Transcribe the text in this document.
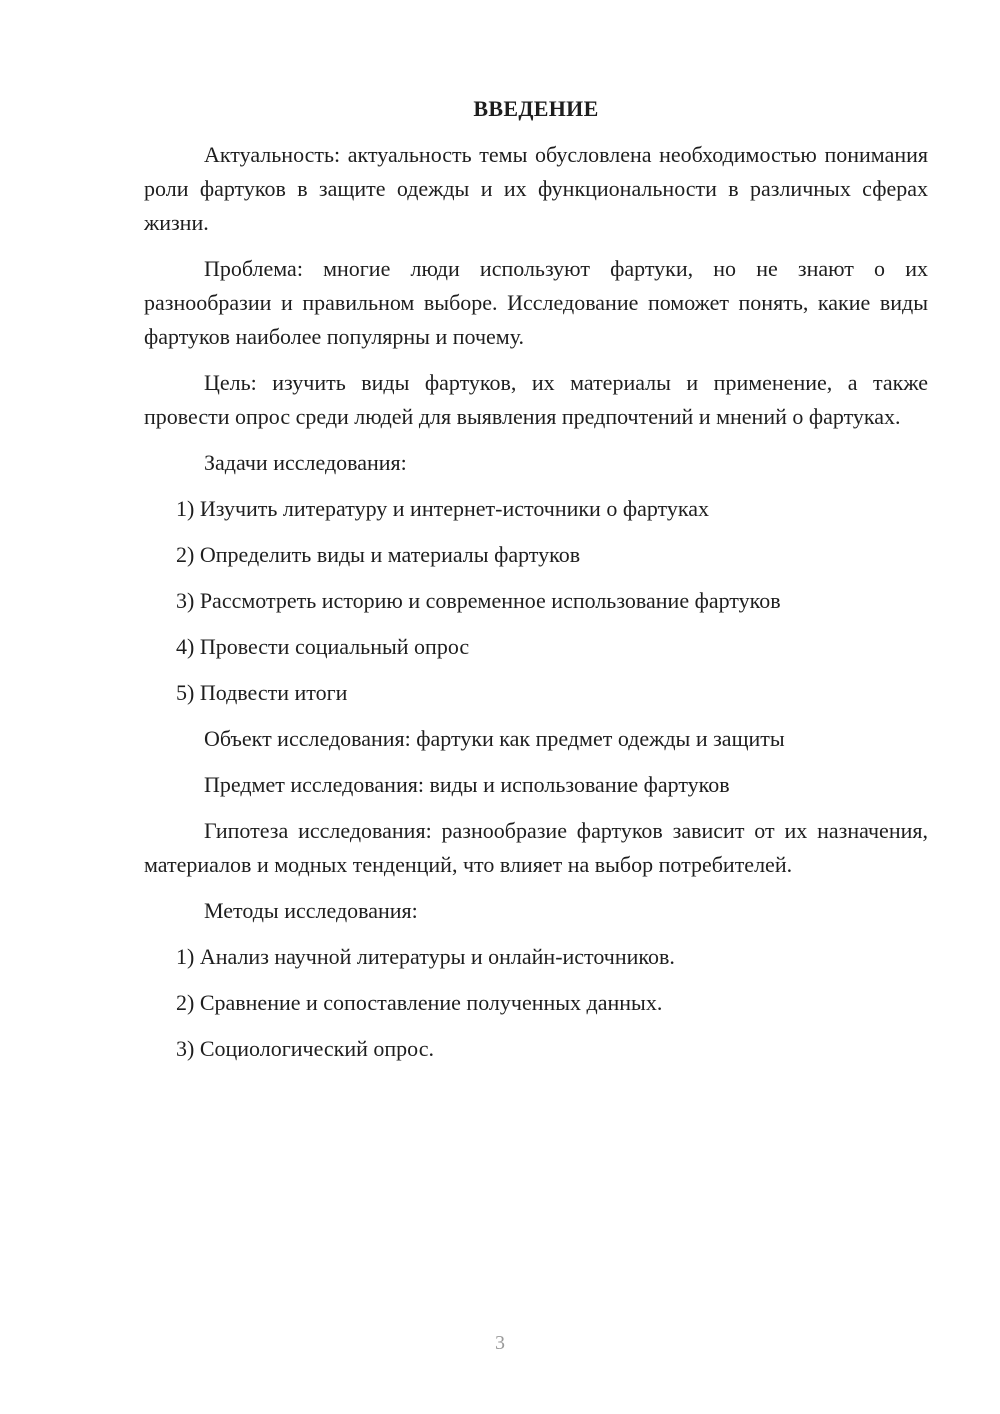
ВВЕДЕНИЕ

Актуальность: актуальность темы обусловлена необходимостью понимания роли фартуков в защите одежды и их функциональности в различных сферах жизни.

Проблема: многие люди используют фартуки, но не знают о их разнообразии и правильном выборе. Исследование поможет понять, какие виды фартуков наиболее популярны и почему.

Цель: изучить виды фартуков, их материалы и применение, а также провести опрос среди людей для выявления предпочтений и мнений о фартуках.

Задачи исследования:

1) Изучить литературу и интернет-источники о фартуках

2) Определить виды и материалы фартуков

3) Рассмотреть историю и современное использование фартуков

4) Провести социальный опрос

5) Подвести итоги

Объект исследования: фартуки как предмет одежды и защиты

Предмет исследования: виды и использование фартуков

Гипотеза исследования: разнообразие фартуков зависит от их назначения, материалов и модных тенденций, что влияет на выбор потребителей.

Методы исследования:

1) Анализ научной литературы и онлайн-источников.

2) Сравнение и сопоставление полученных данных.

3) Социологический опрос.

3
